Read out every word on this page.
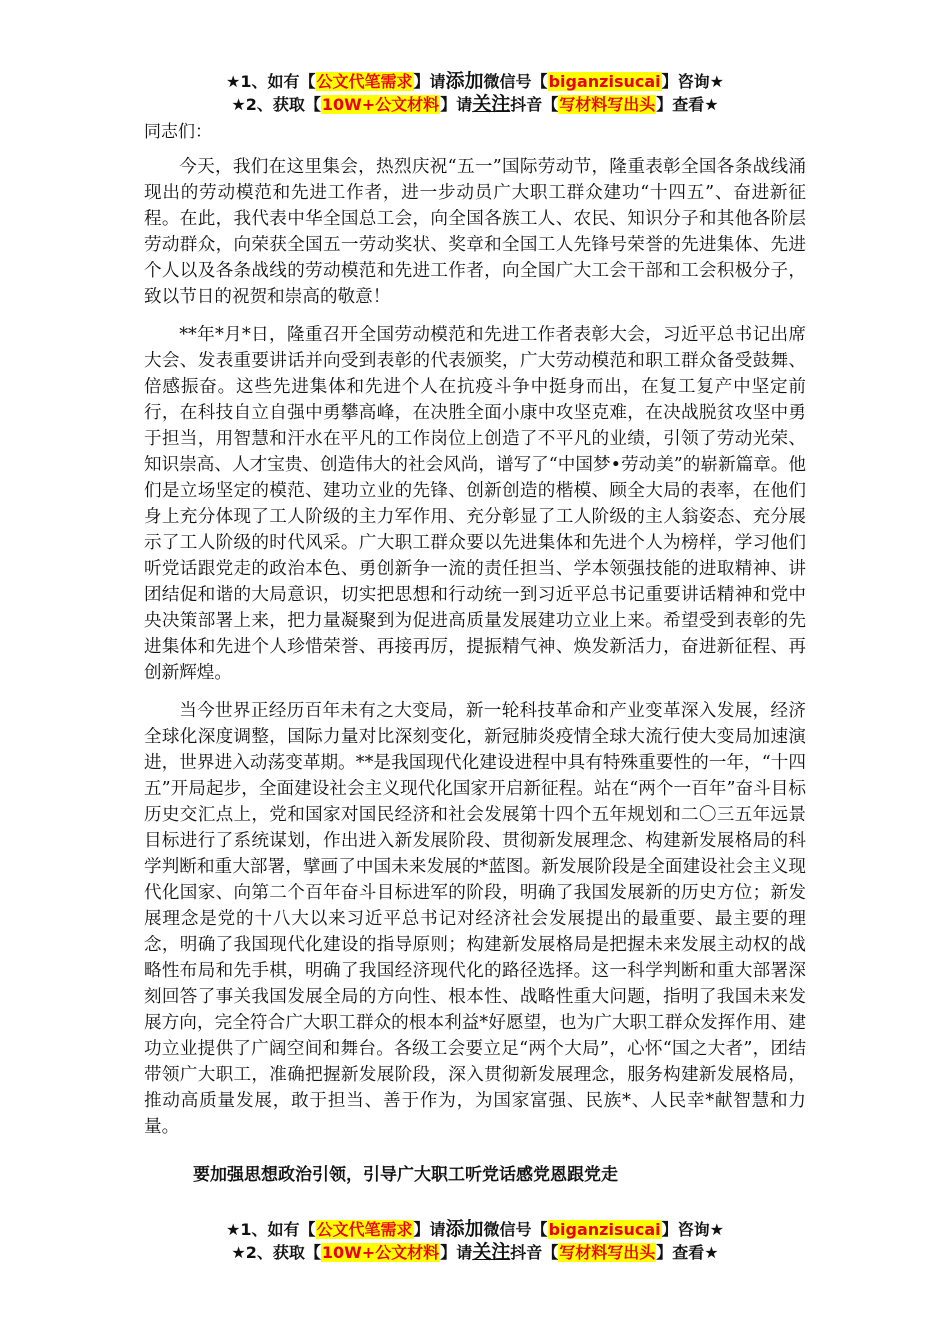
★1、如有【公文代笔需求】请添加微信号【biganzisucai】咨询★
★2、获取【10W+公文材料】请关注抖音【写材料写出头】查看★
同志们：

今天，我们在这里集会，热烈庆祝“五一”国际劳动节，隆重表彰全国各条战线涌现出的劳动模范和先进工作者，进一步动员广大职工群众建功“十四五”、奋进新征程。在此，我代表中华全国总工会，向全国各族工人、农民、知识分子和其他各阶层劳动群众，向荣获全国五一劳动奖状、奖章和全国工人先锋号荣誉的先进集体、先进个人以及各条战线的劳动模范和先进工作者，向全国广大工会干部和工会积极分子，致以节日的祝贺和崇高的敬意！

**年*月*日，隆重召开全国劳动模范和先进工作者表彰大会，习近平总书记出席大会、发表重要讲话并向受到表彰的代表颁奖，广大劳动模范和职工群众备受鼓舞、倍感振奋。这些先进集体和先进个人在抗疫斗争中挺身而出，在复工复产中坚定前行，在科技自立自强中勇攀高峰，在决胜全面小康中攻坚克难，在决战脱贫攻坚中勇于担当，用智慧和汗水在平凡的工作岗位上创造了不平凡的业绩，引领了劳动光荣、知识崇高、人才宝贵、创造伟大的社会风尚，谱写了“中国梦•劳动美”的崭新篇章。他们是立场坚定的模范、建功立业的先锋、创新创造的楷模、顾全大局的表率，在他们身上充分体现了工人阶级的主力军作用、充分彰显了工人阶级的主人翁姿态、充分展示了工人阶级的时代风采。广大职工群众要以先进集体和先进个人为榜样，学习他们听党话跟党走的政治本色、勇创新争一流的责任担当、学本领强技能的进取精神、讲团结促和谐的大局意识，切实把思想和行动统一到习近平总书记重要讲话精神和党中央决策部署上来，把力量凝聚到为促进高质量发展建功立业上来。希望受到表彰的先进集体和先进个人珍惜荣誉、再接再厉，提振精气神、焕发新活力，奋进新征程、再创新辉煌。

当今世界正经历百年未有之大变局，新一轮科技革命和产业变革深入发展，经济全球化深度调整，国际力量对比深刻变化，新冠肺炎疫情全球大流行使大变局加速演进，世界进入动荡变革期。**是我国现代化建设进程中具有特殊重要性的一年，“十四五”开局起步，全面建设社会主义现代化国家开启新征程。站在“两个一百年”奋斗目标历史交汇点上，党和国家对国民经济和社会发展第十四个五年规划和二〇三五年远景目标进行了系统谋划，作出进入新发展阶段、贯彻新发展理念、构建新发展格局的科学判断和重大部署，擘画了中国未来发展的*蓝图。新发展阶段是全面建设社会主义现代化国家、向第二个百年奋斗目标进军的阶段，明确了我国发展新的历史方位；新发展理念是党的十八大以来习近平总书记对经济社会发展提出的最重要、最主要的理念，明确了我国现代化建设的指导原则；构建新发展格局是把握未来发展主动权的战略性布局和先手棋，明确了我国经济现代化的路径选择。这一科学判断和重大部署深刻回答了事关我国发展全局的方向性、根本性、战略性重大问题，指明了我国未来发展方向，完全符合广大职工群众的根本利益*好愿望，也为广大职工群众发挥作用、建功立业提供了广阔空间和舞台。各级工会要立足“两个大局”，心怀“国之大者”，团结带领广大职工，准确把握新发展阶段，深入贯彻新发展理念，服务构建新发展格局，推动高质量发展，敢于担当、善于作为，为国家富强、民族*、人民幸*献智慧和力量。

要加强思想政治引领，引导广大职工听党话感党恩跟党走
★1、如有【公文代笔需求】请添加微信号【biganzisucai】咨询★
★2、获取【10W+公文材料】请关注抖音【写材料写出头】查看★
